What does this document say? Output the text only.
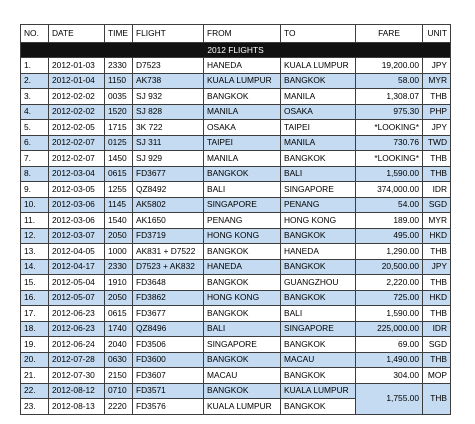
NO.	DATE	TIME	FLIGHT	FROM	TO	FARE	UNIT
2012 FLIGHTS							
1.	2012-01-03	2330	D7523	HANEDA	KUALA LUMPUR	19,200.00	JPY
2.	2012-01-04	1150	AK738	KUALA LUMPUR	BANGKOK	58.00	MYR
3.	2012-02-02	0035	SJ 932	BANGKOK	MANILA	1,308.07	THB
4.	2012-02-02	1520	SJ 828	MANILA	OSAKA	975.30	PHP
5.	2012-02-05	1715	3K 722	OSAKA	TAIPEI	*LOOKING*	JPY
6.	2012-02-07	0125	SJ 311	TAIPEI	MANILA	730.76	TWD
7.	2012-02-07	1450	SJ 929	MANILA	BANGKOK	*LOOKING*	THB
8.	2012-03-04	0615	FD3677	BANGKOK	BALI	1,590.00	THB
9.	2012-03-05	1255	QZ8492	BALI	SINGAPORE	374,000.00	IDR
10.	2012-03-06	1145	AK5802	SINGAPORE	PENANG	54.00	SGD
11.	2012-03-06	1540	AK1650	PENANG	HONG KONG	189.00	MYR
12.	2012-03-07	2050	FD3719	HONG KONG	BANGKOK	495.00	HKD
13.	2012-04-05	1000	AK831 + D7522	BANGKOK	HANEDA	1,290.00	THB
14.	2012-04-17	2330	D7523 + AK832	HANEDA	BANGKOK	20,500.00	JPY
15.	2012-05-04	1910	FD3648	BANGKOK	GUANGZHOU	2,220.00	THB
16.	2012-05-07	2050	FD3862	HONG KONG	BANGKOK	725.00	HKD
17.	2012-06-23	0615	FD3677	BANGKOK	BALI	1,590.00	THB
18.	2012-06-23	1740	QZ8496	BALI	SINGAPORE	225,000.00	IDR
19.	2012-06-24	2040	FD3506	SINGAPORE	BANGKOK	69.00	SGD
20.	2012-07-28	0630	FD3600	BANGKOK	MACAU	1,490.00	THB
21.	2012-07-30	2150	FD3607	MACAU	BANGKOK	304.00	MOP
22.	2012-08-12	0710	FD3571	BANGKOK	KUALA LUMPUR	1,755.00	THB
23.	2012-08-13	2220	FD3576	KUALA LUMPUR	BANGKOK		
